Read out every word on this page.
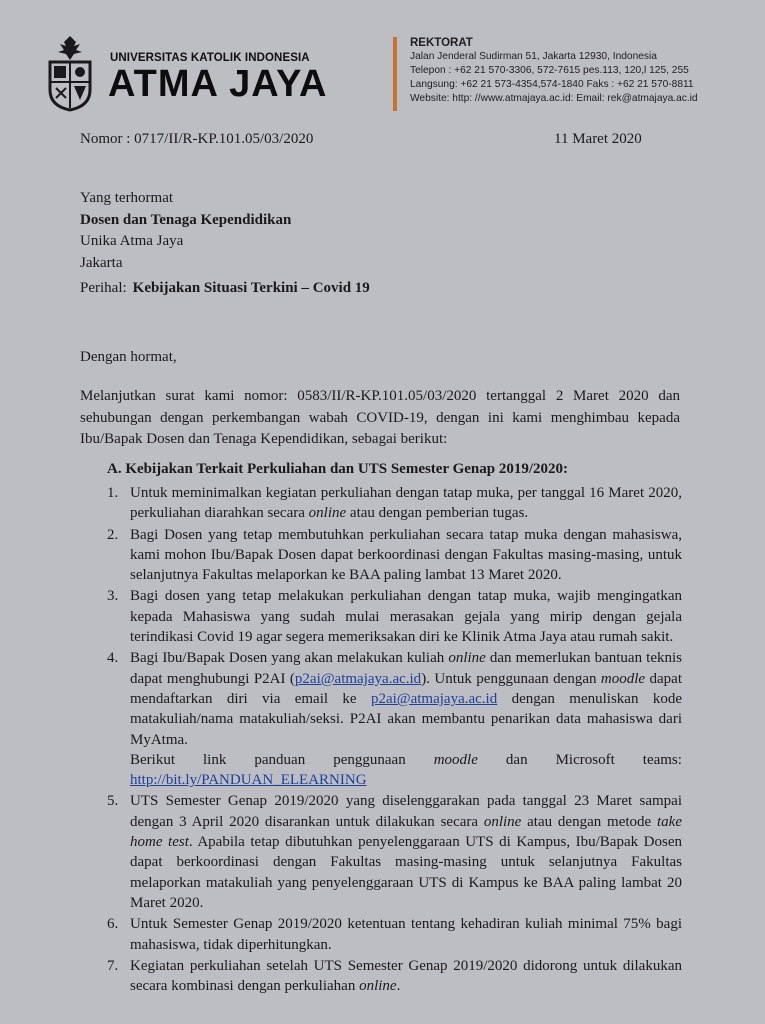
UNIVERSITAS KATOLIK INDONESIA
ATMA JAYA
REKTORAT
Jalan Jenderal Sudirman 51, Jakarta 12930, Indonesia
Telepon : +62 21 570-3306, 572-7615 pes.113, 120,l 125, 255
Langsung: +62 21 573-4354,574-1840 Faks : +62 21 570-8811
Website: http: //www.atmajaya.ac.id: Email: rek@atmajaya.ac.id
Nomor : 0717/II/R-KP.101.05/03/2020	11 Maret 2020
Yang terhormat
Dosen dan Tenaga Kependidikan
Unika Atma Jaya
Jakarta
Perihal: Kebijakan Situasi Terkini – Covid 19
Dengan hormat,
Melanjutkan surat kami nomor: 0583/II/R-KP.101.05/03/2020 tertanggal 2 Maret 2020 dan sehubungan dengan perkembangan wabah COVID-19, dengan ini kami menghimbau kepada Ibu/Bapak Dosen dan Tenaga Kependidikan, sebagai berikut:
A. Kebijakan Terkait Perkuliahan dan UTS Semester Genap 2019/2020:
1. Untuk meminimalkan kegiatan perkuliahan dengan tatap muka, per tanggal 16 Maret 2020, perkuliahan diarahkan secara online atau dengan pemberian tugas.
2. Bagi Dosen yang tetap membutuhkan perkuliahan secara tatap muka dengan mahasiswa, kami mohon Ibu/Bapak Dosen dapat berkoordinasi dengan Fakultas masing-masing, untuk selanjutnya Fakultas melaporkan ke BAA paling lambat 13 Maret 2020.
3. Bagi dosen yang tetap melakukan perkuliahan dengan tatap muka, wajib mengingatkan kepada Mahasiswa yang sudah mulai merasakan gejala yang mirip dengan gejala terindikasi Covid 19 agar segera memeriksakan diri ke Klinik Atma Jaya atau rumah sakit.
4. Bagi Ibu/Bapak Dosen yang akan melakukan kuliah online dan memerlukan bantuan teknis dapat menghubungi P2AI (p2ai@atmajaya.ac.id). Untuk penggunaan dengan moodle dapat mendaftarkan diri via email ke p2ai@atmajaya.ac.id dengan menuliskan kode matakuliah/nama matakuliah/seksi. P2AI akan membantu penarikan data mahasiswa dari MyAtma.
Berikut link panduan penggunaan moodle dan Microsoft teams:
http://bit.ly/PANDUAN_ELEARNING
5. UTS Semester Genap 2019/2020 yang diselenggarakan pada tanggal 23 Maret sampai dengan 3 April 2020 disarankan untuk dilakukan secara online atau dengan metode take home test. Apabila tetap dibutuhkan penyelenggaraan UTS di Kampus, Ibu/Bapak Dosen dapat berkoordinasi dengan Fakultas masing-masing untuk selanjutnya Fakultas melaporkan matakuliah yang penyelenggaraan UTS di Kampus ke BAA paling lambat 20 Maret 2020.
6. Untuk Semester Genap 2019/2020 ketentuan tentang kehadiran kuliah minimal 75% bagi mahasiswa, tidak diperhitungkan.
7. Kegiatan perkuliahan setelah UTS Semester Genap 2019/2020 didorong untuk dilakukan secara kombinasi dengan perkuliahan online.
